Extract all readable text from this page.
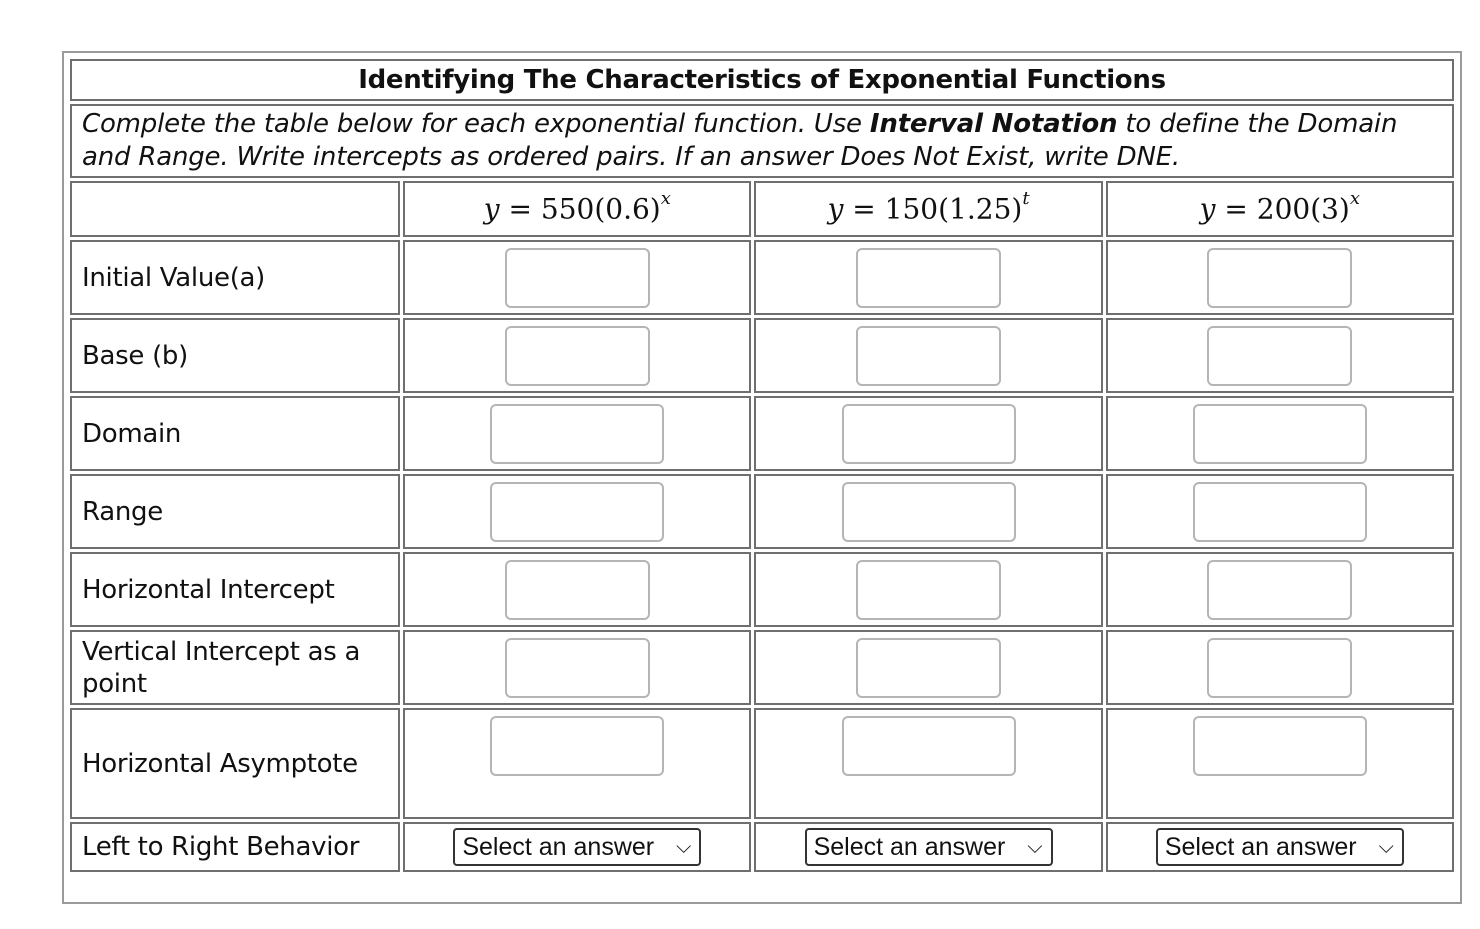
Identifying The Characteristics of Exponential Functions			
Complete the table below for each exponential function. Use Interval Notation to define the Domain and Range. Write intercepts as ordered pairs. If an answer Does Not Exist, write DNE.			
	$y = 550(0.6)^x$	$y = 150(1.25)^t$	$y = 200(3)^x$
Initial Value(a)			
Base (b)			
Domain			
Range			
Horizontal Intercept			
Vertical Intercept as a point			
Horizontal Asymptote			
Left to Right Behavior	Select an answer ⌵	Select an answer ⌵	Select an answer ⌵
